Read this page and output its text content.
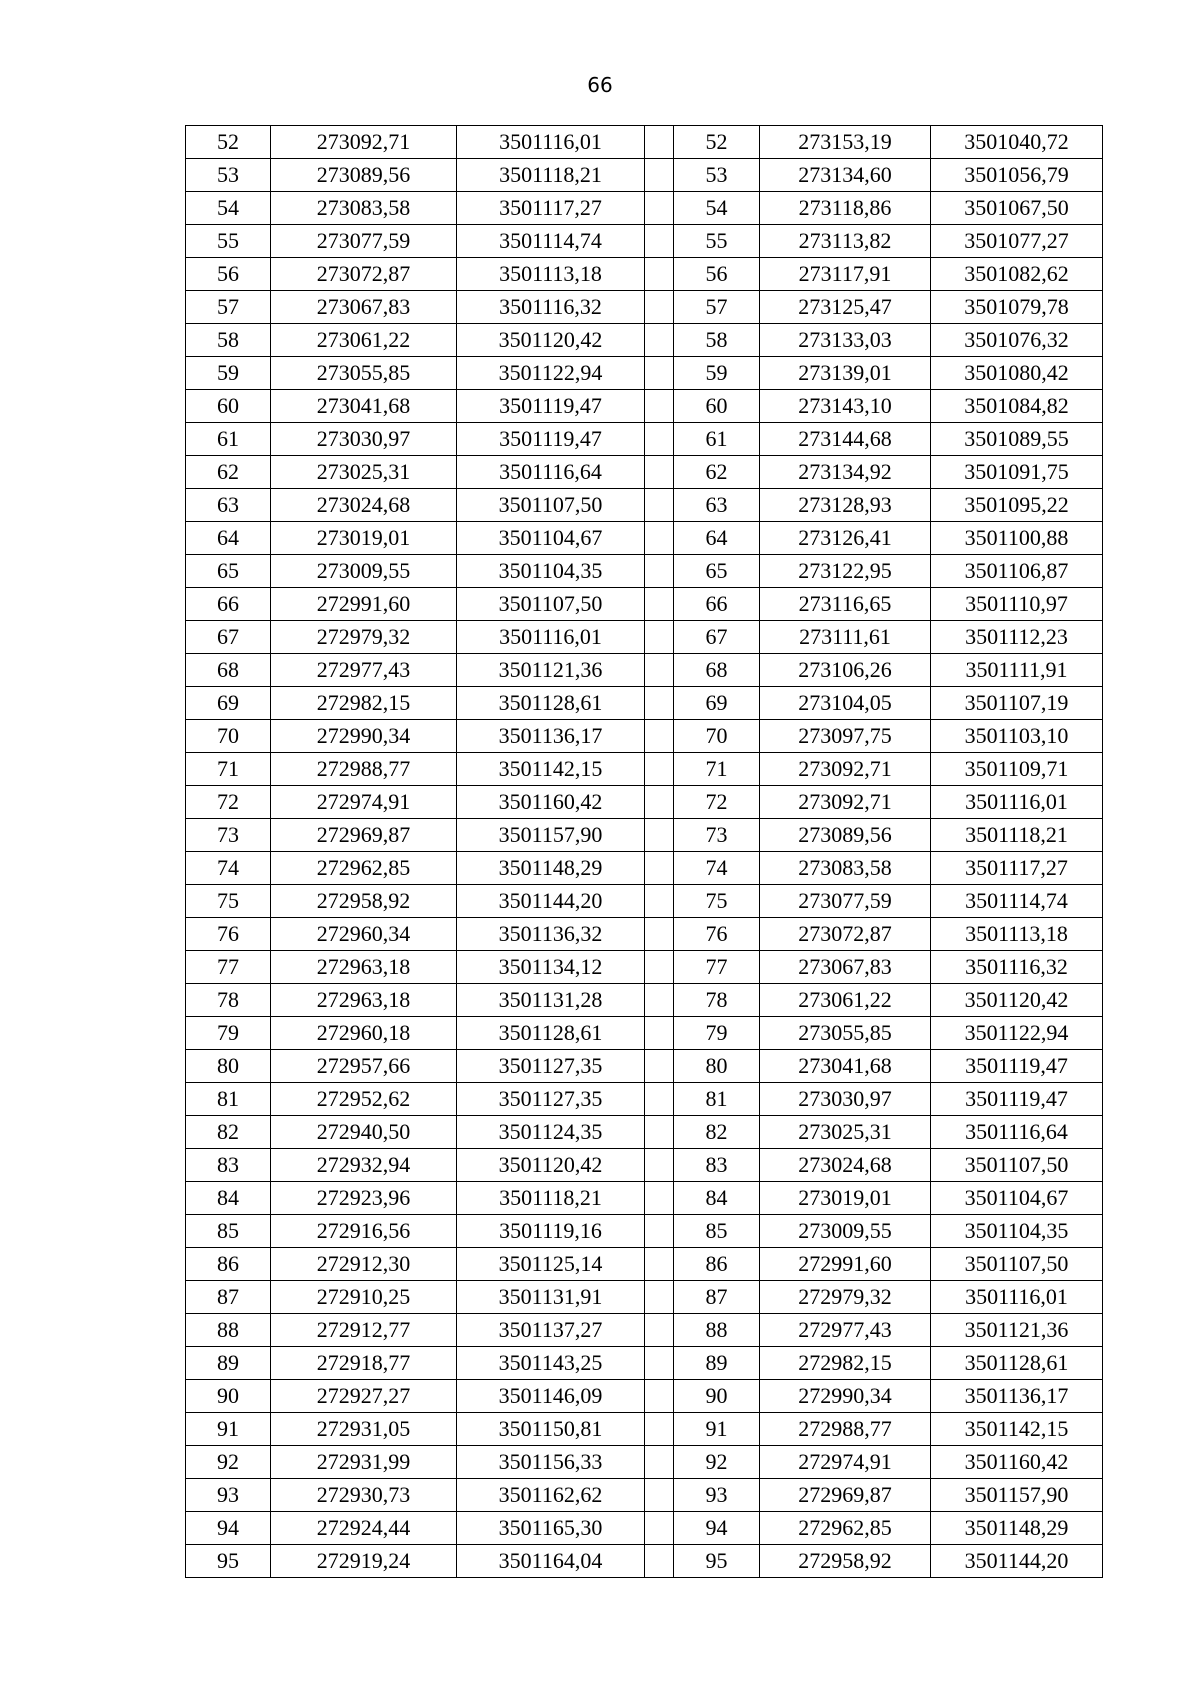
66
52	273092,71	3501116,01		52	273153,19	3501040,72
53	273089,56	3501118,21		53	273134,60	3501056,79
54	273083,58	3501117,27		54	273118,86	3501067,50
55	273077,59	3501114,74		55	273113,82	3501077,27
56	273072,87	3501113,18		56	273117,91	3501082,62
57	273067,83	3501116,32		57	273125,47	3501079,78
58	273061,22	3501120,42		58	273133,03	3501076,32
59	273055,85	3501122,94		59	273139,01	3501080,42
60	273041,68	3501119,47		60	273143,10	3501084,82
61	273030,97	3501119,47		61	273144,68	3501089,55
62	273025,31	3501116,64		62	273134,92	3501091,75
63	273024,68	3501107,50		63	273128,93	3501095,22
64	273019,01	3501104,67		64	273126,41	3501100,88
65	273009,55	3501104,35		65	273122,95	3501106,87
66	272991,60	3501107,50		66	273116,65	3501110,97
67	272979,32	3501116,01		67	273111,61	3501112,23
68	272977,43	3501121,36		68	273106,26	3501111,91
69	272982,15	3501128,61		69	273104,05	3501107,19
70	272990,34	3501136,17		70	273097,75	3501103,10
71	272988,77	3501142,15		71	273092,71	3501109,71
72	272974,91	3501160,42		72	273092,71	3501116,01
73	272969,87	3501157,90		73	273089,56	3501118,21
74	272962,85	3501148,29		74	273083,58	3501117,27
75	272958,92	3501144,20		75	273077,59	3501114,74
76	272960,34	3501136,32		76	273072,87	3501113,18
77	272963,18	3501134,12		77	273067,83	3501116,32
78	272963,18	3501131,28		78	273061,22	3501120,42
79	272960,18	3501128,61		79	273055,85	3501122,94
80	272957,66	3501127,35		80	273041,68	3501119,47
81	272952,62	3501127,35		81	273030,97	3501119,47
82	272940,50	3501124,35		82	273025,31	3501116,64
83	272932,94	3501120,42		83	273024,68	3501107,50
84	272923,96	3501118,21		84	273019,01	3501104,67
85	272916,56	3501119,16		85	273009,55	3501104,35
86	272912,30	3501125,14		86	272991,60	3501107,50
87	272910,25	3501131,91		87	272979,32	3501116,01
88	272912,77	3501137,27		88	272977,43	3501121,36
89	272918,77	3501143,25		89	272982,15	3501128,61
90	272927,27	3501146,09		90	272990,34	3501136,17
91	272931,05	3501150,81		91	272988,77	3501142,15
92	272931,99	3501156,33		92	272974,91	3501160,42
93	272930,73	3501162,62		93	272969,87	3501157,90
94	272924,44	3501165,30		94	272962,85	3501148,29
95	272919,24	3501164,04		95	272958,92	3501144,20
